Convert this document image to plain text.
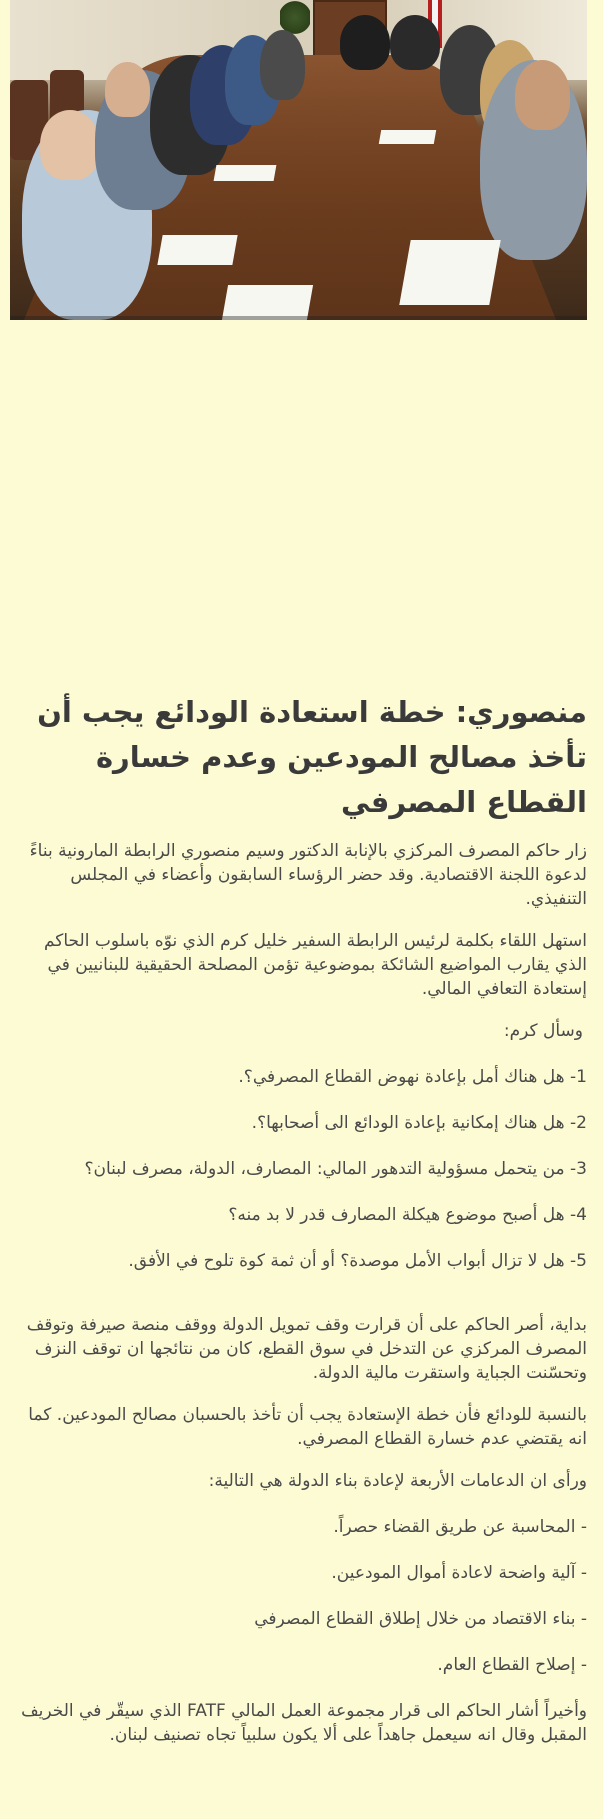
منصوري: خطة استعادة الودائع يجب أن تأخذ مصالح المودعين وعدم خسارة القطاع المصرفي

زار حاكم المصرف المركزي بالإنابة الدكتور وسيم منصوري الرابطة المارونية بناءً لدعوة اللجنة الاقتصادية. وقد حضر الرؤساء السابقون وأعضاء في المجلس التنفيذي.

استهل اللقاء بكلمة لرئيس الرابطة السفير خليل كرم الذي نوّه باسلوب الحاكم الذي يقارب المواضيع الشائكة بموضوعية تؤمن المصلحة الحقيقية للبنانيين في إستعادة التعافي المالي.

وسأل كرم:

1- هل هناك أمل بإعادة نهوض القطاع المصرفي؟.

2- هل هناك إمكانية بإعادة الودائع الى أصحابها؟.

3- من يتحمل مسؤولية التدهور المالي: المصارف، الدولة، مصرف لبنان؟

4- هل أصبح موضوع هيكلة المصارف قدر لا بد منه؟

5- هل لا تزال أبواب الأمل موصدة؟ أو أن ثمة كوة تلوح في الأفق.

بداية، أصر الحاكم على أن قرارت وقف تمويل الدولة ووقف منصة صيرفة وتوقف المصرف المركزي عن التدخل في سوق القطع، كان من نتائجها ان توقف النزف وتحسّنت الجباية واستقرت مالية الدولة.

بالنسبة للودائع فأن خطة الإستعادة يجب أن تأخذ بالحسبان مصالح المودعين. كما انه يقتضي عدم خسارة القطاع المصرفي.

ورأى ان الدعامات الأربعة لإعادة بناء الدولة هي التالية:

- المحاسبة عن طريق القضاء حصراً.

- آلية واضحة لاعادة أموال المودعين.

- بناء الاقتصاد من خلال إطلاق القطاع المصرفي

- إصلاح القطاع العام.

وأخيراً أشار الحاكم الى قرار مجموعة العمل المالي FATF الذي سيقّر في الخريف المقبل وقال انه سيعمل جاهداً على ألا يكون سلبياً تجاه تصنيف لبنان.
